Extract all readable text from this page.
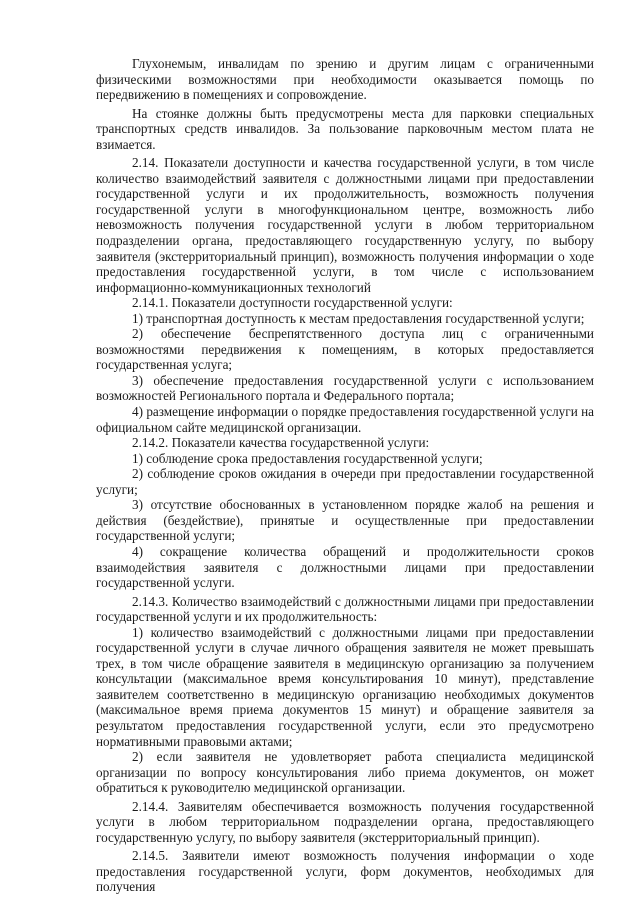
Глухонемым, инвалидам по зрению и другим лицам с ограниченными физическими возможностями при необходимости оказывается помощь по передвижению в помещениях и сопровождение.

На стоянке должны быть предусмотрены места для парковки специальных транспортных средств инвалидов. За пользование парковочным местом плата не взимается.

2.14. Показатели доступности и качества государственной услуги, в том числе количество взаимодействий заявителя с должностными лицами при предоставлении государственной услуги и их продолжительность, возможность получения государственной услуги в многофункциональном центре, возможность либо невозможность получения государственной услуги в любом территориальном подразделении органа, предоставляющего государственную услугу, по выбору заявителя (экстерриториальный принцип), возможность получения информации о ходе предоставления государственной услуги, в том числе с использованием информационно-коммуникационных технологий

2.14.1. Показатели доступности государственной услуги:

1) транспортная доступность к местам предоставления государственной услуги;

2) обеспечение беспрепятственного доступа лиц с ограниченными возможностями передвижения к помещениям, в которых предоставляется государственная услуга;

3) обеспечение предоставления государственной услуги с использованием возможностей Регионального портала и Федерального портала;

4) размещение информации о порядке предоставления государственной услуги на официальном сайте медицинской организации.

2.14.2. Показатели качества государственной услуги:

1) соблюдение срока предоставления государственной услуги;

2) соблюдение сроков ожидания в очереди при предоставлении государственной услуги;

3) отсутствие обоснованных в установленном порядке жалоб на решения и действия (бездействие), принятые и осуществленные при предоставлении государственной услуги;

4) сокращение количества обращений и продолжительности сроков взаимодействия заявителя с должностными лицами при предоставлении государственной услуги.

2.14.3. Количество взаимодействий с должностными лицами при предоставлении государственной услуги и их продолжительность:

1) количество взаимодействий с должностными лицами при предоставлении государственной услуги в случае личного обращения заявителя не может превышать трех, в том числе обращение заявителя в медицинскую организацию за получением консультации (максимальное время консультирования 10 минут), представление заявителем соответственно в медицинскую организацию необходимых документов (максимальное время приема документов 15 минут) и обращение заявителя за результатом предоставления государственной услуги, если это предусмотрено нормативными правовыми актами;

2) если заявителя не удовлетворяет работа специалиста медицинской организации по вопросу консультирования либо приема документов, он может обратиться к руководителю медицинской организации.

2.14.4. Заявителям обеспечивается возможность получения государственной услуги в любом территориальном подразделении органа, предоставляющего государственную услугу, по выбору заявителя (экстерриториальный принцип).

2.14.5. Заявители имеют возможность получения информации о ходе предоставления государственной услуги, форм документов, необходимых для получения
